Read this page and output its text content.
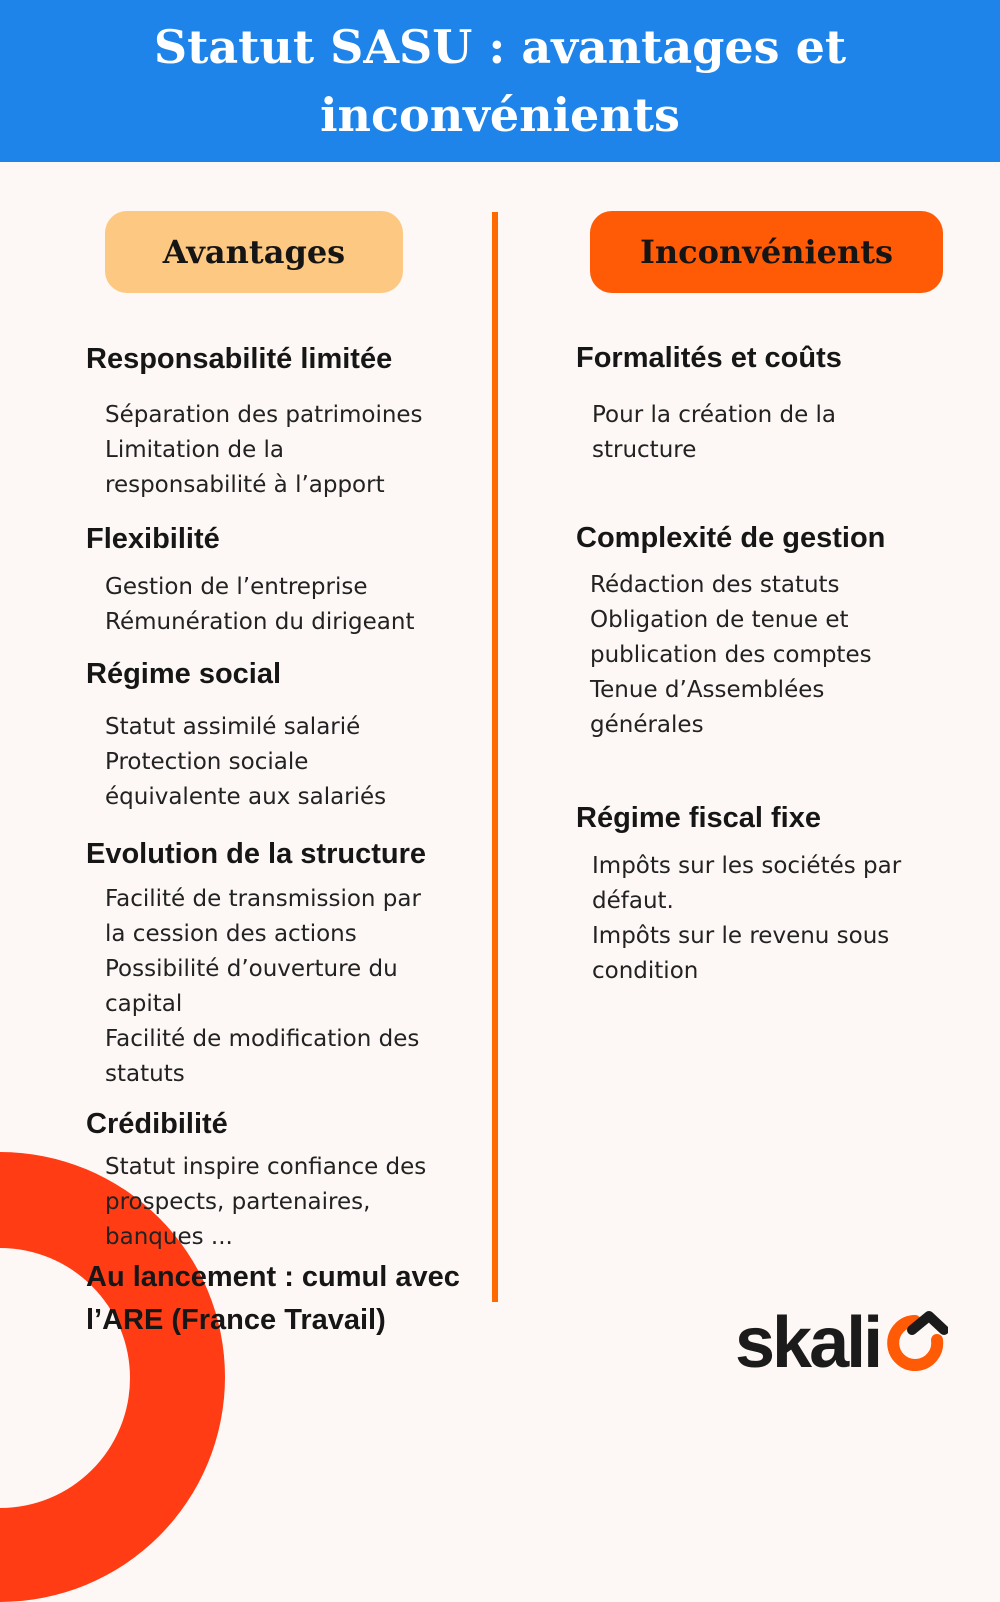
Statut SASU : avantages et inconvénients
Avantages	Inconvénients
Responsabilité limitée
Séparation des patrimoines
Limitation de la
responsabilité à l’apport
Flexibilité
Gestion de l’entreprise
Rémunération du dirigeant
Régime social
Statut assimilé salarié
Protection sociale
équivalente aux salariés
Evolution de la structure
Facilité de transmission par
la cession des actions
Possibilité d’ouverture du
capital
Facilité de modification des
statuts
Crédibilité
Statut inspire confiance des
prospects, partenaires,
banques ...
Au lancement : cumul avec
l’ARE (France Travail)
Formalités et coûts
Pour la création de la
structure
Complexité de gestion
Rédaction des statuts
Obligation de tenue et
publication des comptes
Tenue d’Assemblées
générales
Régime fiscal fixe
Impôts sur les sociétés par
défaut.
Impôts sur le revenu sous
condition
skali
